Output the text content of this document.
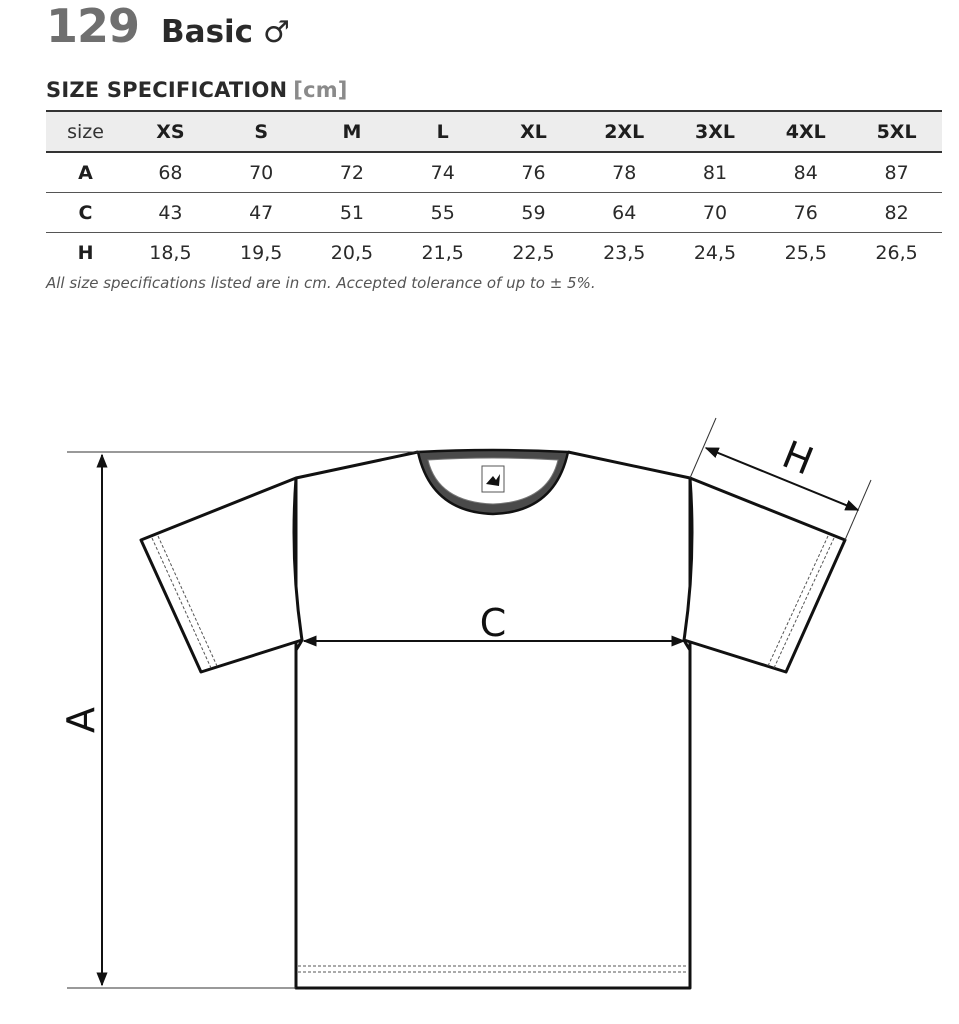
129 Basic ♂
SIZE SPECIFICATION [cm]
size	XS	S	M	L	XL	2XL	3XL	4XL	5XL
A	68	70	72	74	76	78	81	84	87
C	43	47	51	55	59	64	70	76	82
H	18,5	19,5	20,5	21,5	22,5	23,5	24,5	25,5	26,5
All size specifications listed are in cm. Accepted tolerance of up to ± 5%.
A
C
H
